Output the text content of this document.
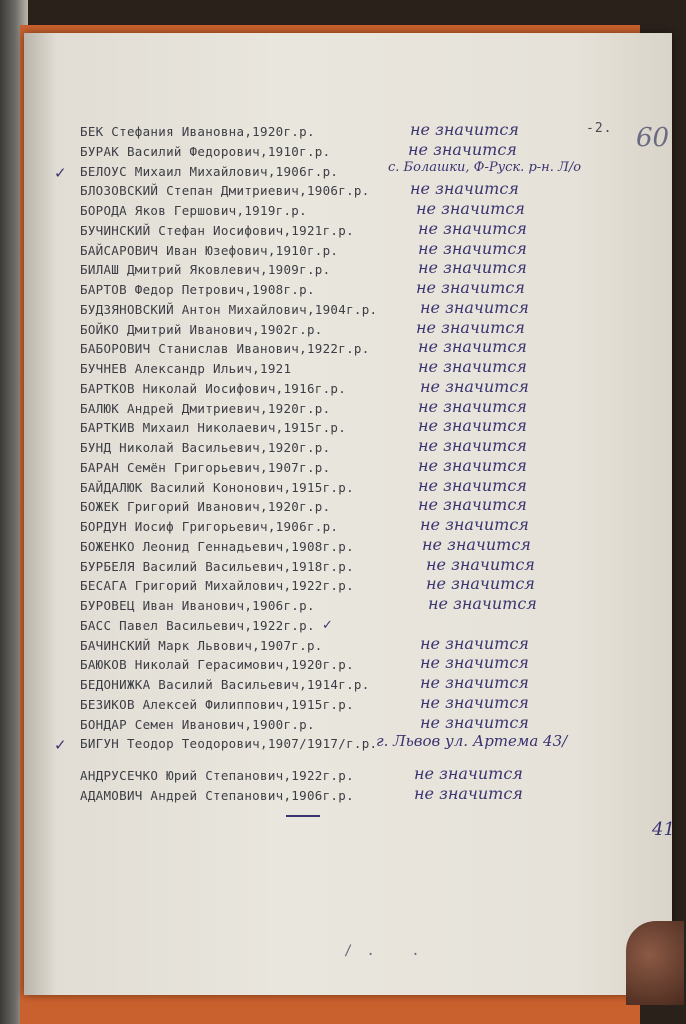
-2. 60
БЕК Стефания Ивановна,1920г.р.	не значится
БУРАК Василий Федорович,1910г.р.	не значится
✓ БЕЛОУС Михаил Михайлович,1906г.р.	с. Болашки, Ф-Руск. р-н. Л/о
БЛОЗОВСКИЙ Степан Дмитриевич,1906г.р.	не значится
БОРОДА Яков Гершович,1919г.р.	не значится
БУЧИНСКИЙ Стефан Иосифович,1921г.р.	не значится
БАЙСАРОВИЧ Иван Юзефович,1910г.р.	не значится
БИЛАШ Дмитрий Яковлевич,1909г.р.	не значится
БАРТОВ Федор Петрович,1908г.р.	не значится
БУДЗЯНОВСКИЙ Антон Михайлович,1904г.р.	не значится
БОЙКО Дмитрий Иванович,1902г.р.	не значится
БАБОРОВИЧ Станислав Иванович,1922г.р.	не значится
БУЧНЕВ Александр Ильич,1921	не значится
БАРТКОВ Николай Иосифович,1916г.р.	не значится
БАЛЮК Андрей Дмитриевич,1920г.р.	не значится
БАРТКИВ Михаил Николаевич,1915г.р.	не значится
БУНД Николай Васильевич,1920г.р.	не значится
БАРАН Семён Григорьевич,1907г.р.	не значится
БАЙДАЛЮК Василий Кононович,1915г.р.	не значится
БОЖЕК Григорий Иванович,1920г.р.	не значится
БОРДУН Иосиф Григорьевич,1906г.р.	не значится
БОЖЕНКО Леонид Геннадьевич,1908г.р.	не значится
БУРБЕЛЯ Василий Васильевич,1918г.р.	не значится
БЕСАГА Григорий Михайлович,1922г.р.	не значится
БУРОВЕЦ Иван Иванович,1906г.р.	не значится
БАСС Павел Васильевич,1922г.р. ✓
БАЧИНСКИЙ Марк Львович,1907г.р.	не значится
БАЮКОВ Николай Герасимович,1920г.р.	не значится
БЕДОНИЖКА Василий Васильевич,1914г.р.	не значится
БЕЗИКОВ Алексей Филиппович,1915г.р.	не значится
БОНДАР Семен Иванович,1900г.р.	не значится
✓ БИГУН Теодор Теодорович,1907/1917/г.р.
г. Львов ул. Артема 43/
АНДРУСЕЧКО Юрий Степанович,1922г.р.	не значится
АДАМОВИЧ Андрей Степанович,1906г.р.	не значится
41
/. .
